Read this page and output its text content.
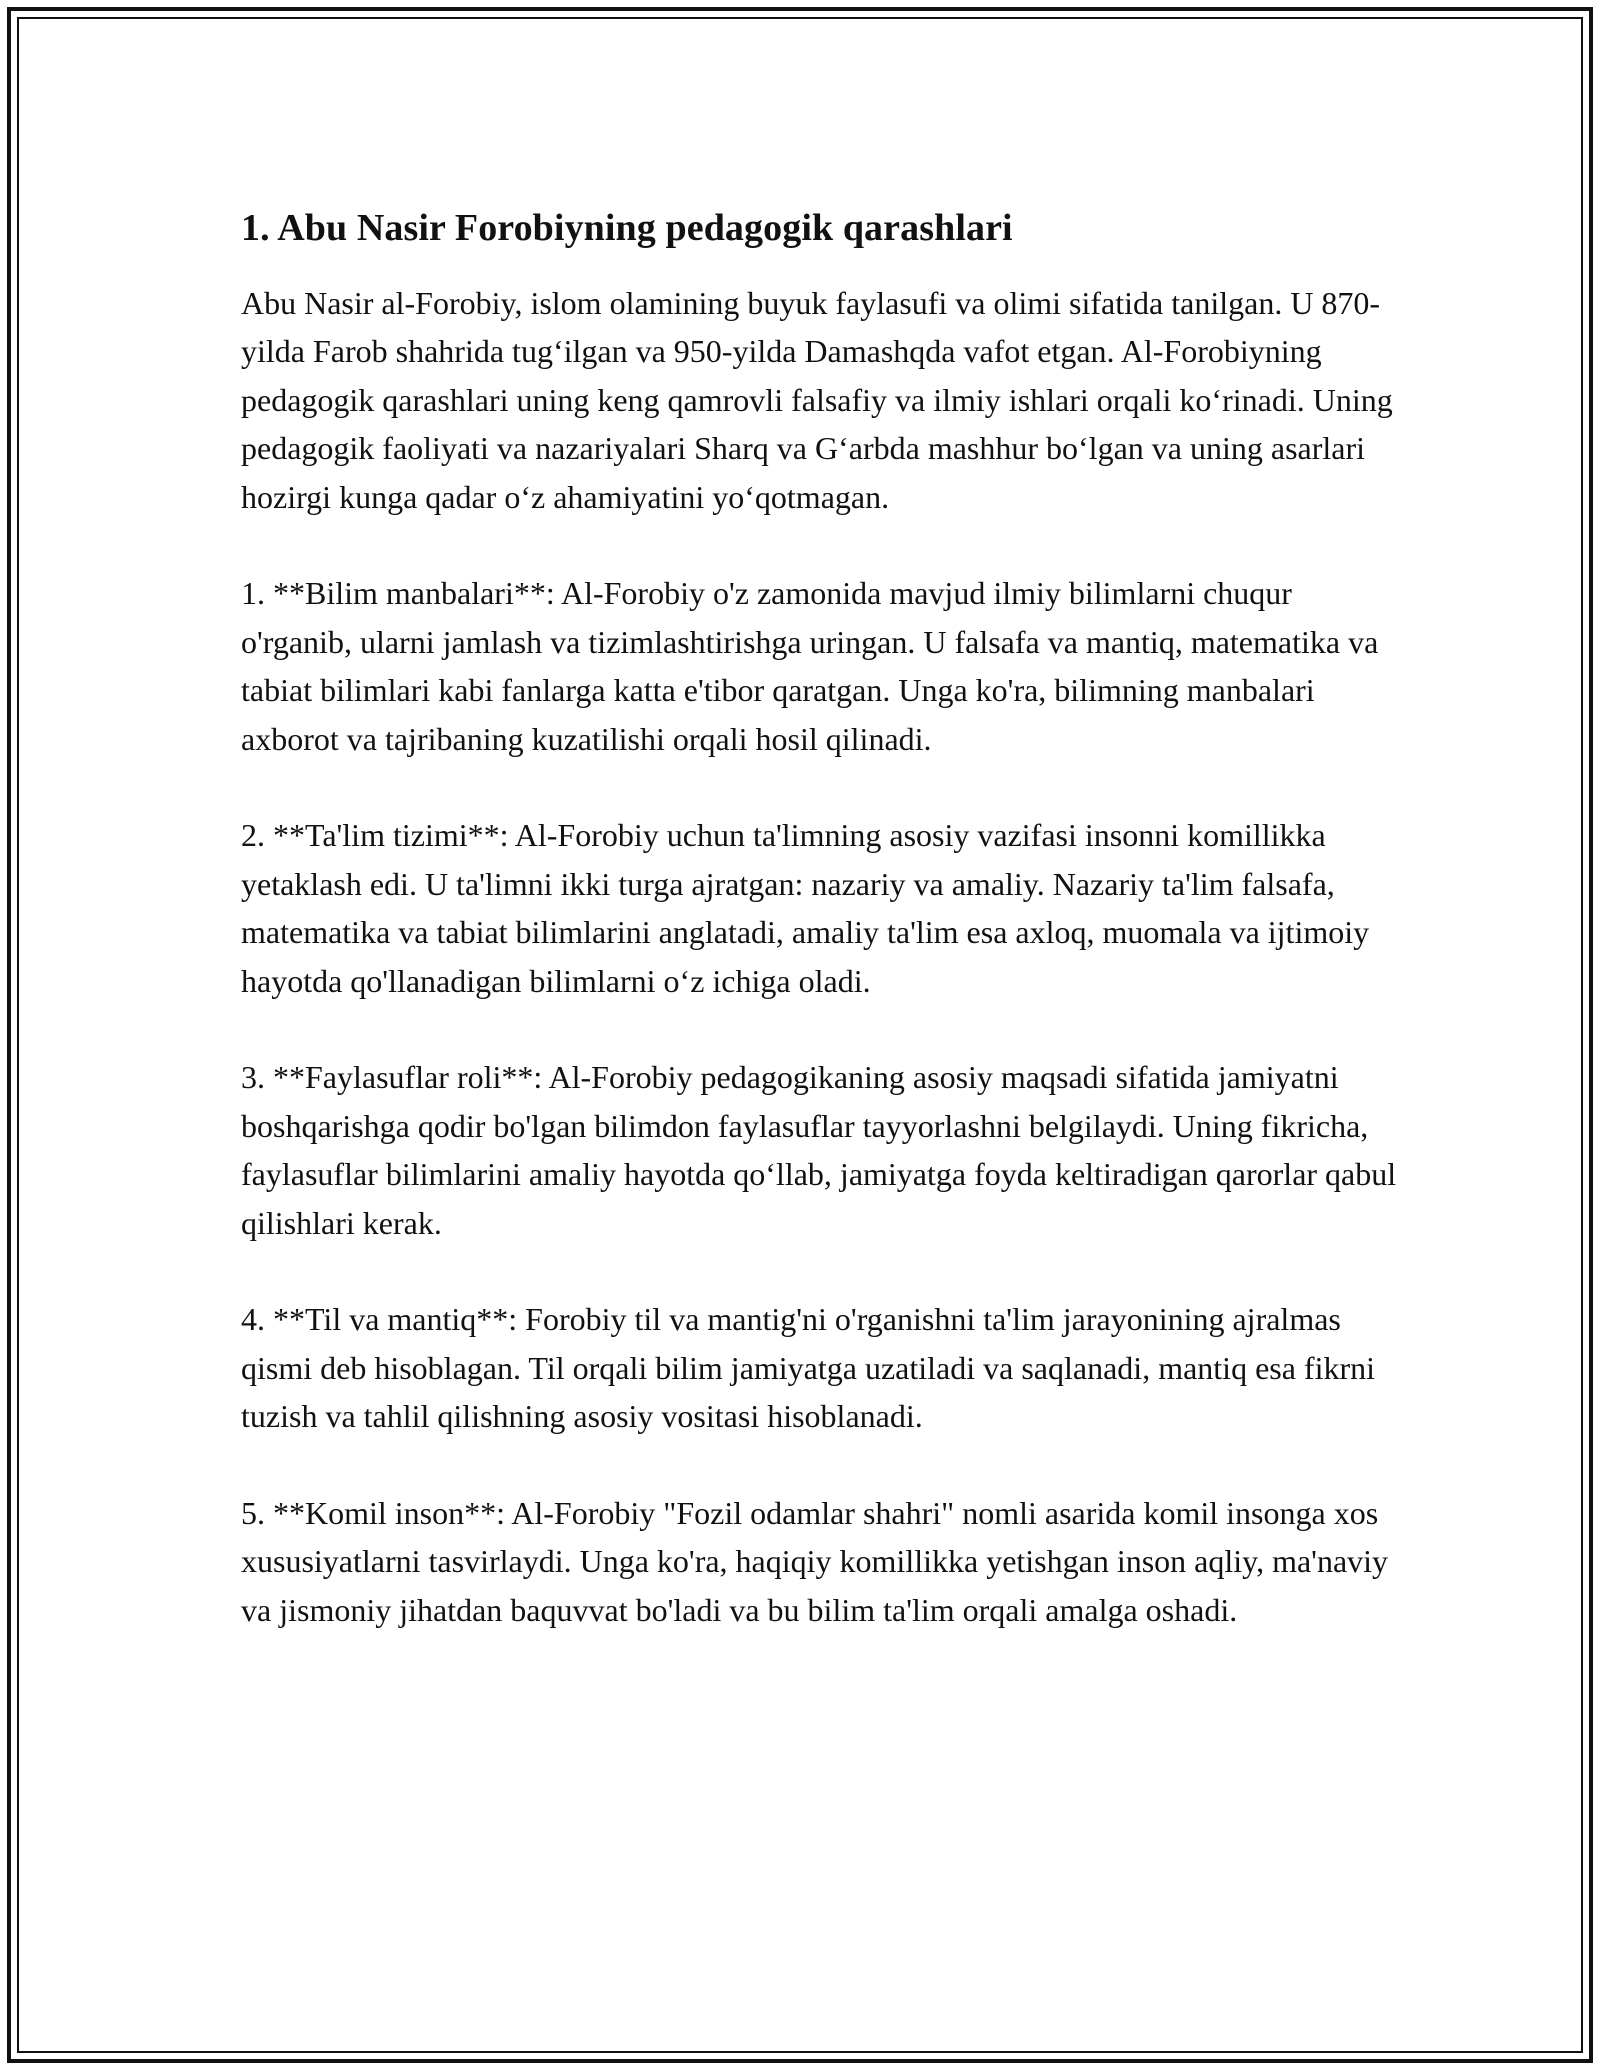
1. Abu Nasir Forobiyning pedagogik qarashlari

Abu Nasir al-Forobiy, islom olamining buyuk faylasufi va olimi sifatida tanilgan. U 870-yilda Farob shahrida tug‘ilgan va 950-yilda Damashqda vafot etgan. Al-Forobiyning pedagogik qarashlari uning keng qamrovli falsafiy va ilmiy ishlari orqali ko‘rinadi. Uning pedagogik faoliyati va nazariyalari Sharq va G‘arbda mashhur bo‘lgan va uning asarlari hozirgi kunga qadar o‘z ahamiyatini yo‘qotmagan.

1. **Bilim manbalari**: Al-Forobiy o'z zamonida mavjud ilmiy bilimlarni chuqur o'rganib, ularni jamlash va tizimlashtirishga uringan. U falsafa va mantiq, matematika va tabiat bilimlari kabi fanlarga katta e'tibor qaratgan. Unga ko'ra, bilimning manbalari axborot va tajribaning kuzatilishi orqali hosil qilinadi.

2. **Ta'lim tizimi**: Al-Forobiy uchun ta'limning asosiy vazifasi insonni komillikka yetaklash edi. U ta'limni ikki turga ajratgan: nazariy va amaliy. Nazariy ta'lim falsafa, matematika va tabiat bilimlarini anglatadi, amaliy ta'lim esa axloq, muomala va ijtimoiy hayotda qo'llanadigan bilimlarni o‘z ichiga oladi.

3. **Faylasuflar roli**: Al-Forobiy pedagogikaning asosiy maqsadi sifatida jamiyatni boshqarishga qodir bo'lgan bilimdon faylasuflar tayyorlashni belgilaydi. Uning fikricha, faylasuflar bilimlarini amaliy hayotda qo‘llab, jamiyatga foyda keltiradigan qarorlar qabul qilishlari kerak.

4. **Til va mantiq**: Forobiy til va mantig'ni o'rganishni ta'lim jarayonining ajralmas qismi deb hisoblagan. Til orqali bilim jamiyatga uzatiladi va saqlanadi, mantiq esa fikrni tuzish va tahlil qilishning asosiy vositasi hisoblanadi.

5. **Komil inson**: Al-Forobiy "Fozil odamlar shahri" nomli asarida komil insonga xos xususiyatlarni tasvirlaydi. Unga ko'ra, haqiqiy komillikka yetishgan inson aqliy, ma'naviy va jismoniy jihatdan baquvvat bo'ladi va bu bilim ta'lim orqali amalga oshadi.
